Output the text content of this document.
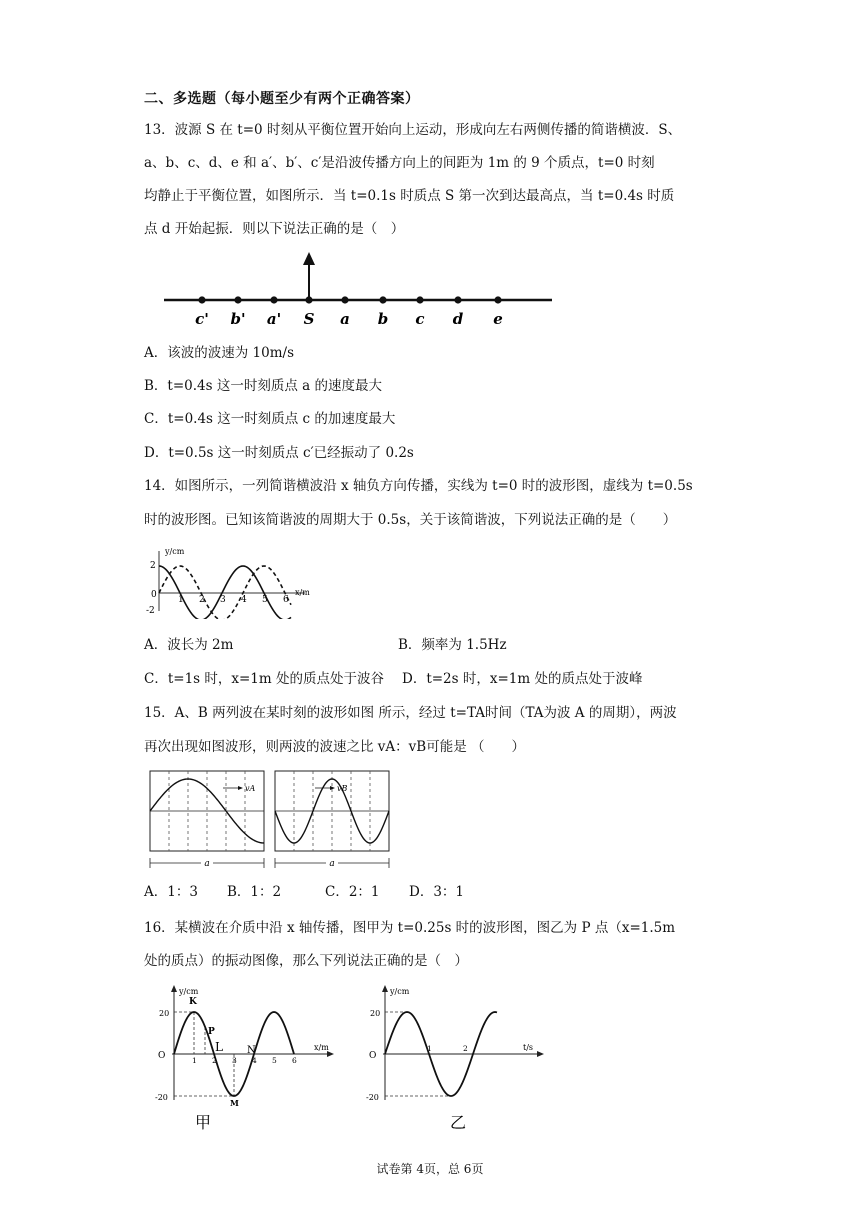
二、多选题（每小题至少有两个正确答案）
13．波源 S 在 t=0 时刻从平衡位置开始向上运动，形成向左右两侧传播的简谐横波．S、
a、b、c、d、e 和 a′、b′、c′是沿波传播方向上的间距为 1m 的 9 个质点，t=0 时刻
均静止于平衡位置，如图所示．当 t=0.1s 时质点 S 第一次到达最高点，当 t=0.4s 时质
点 d 开始起振．则以下说法正确的是（　）
c' b' a' S a b c d e
A．该波的波速为 10m/s
B．t=0.4s 这一时刻质点 a 的速度最大
C．t=0.4s 这一时刻质点 c 的加速度最大
D．t=0.5s 这一时刻质点 c′已经振动了 0.2s
14．如图所示，一列简谐横波沿 x 轴负方向传播，实线为 t=0 时的波形图，虚线为 t=0.5s
时的波形图。已知该简谐波的周期大于 0.5s，关于该简谐波，下列说法正确的是（　　）
y/cm
x/m
2
0
-2
1 2 3 4 5 6
A．波长为 2m	B．频率为 1.5Hz
C．t=1s 时，x=1m 处的质点处于波谷 D．t=2s 时，x=1m 处的质点处于波峰
15．A、B 两列波在某时刻的波形如图 所示，经过 t=TA时间（TA为波 A 的周期），两波
再次出现如图波形，则两波的波速之比 vA：vB可能是 （　　）
vA	vB
a	a
A．1：3 B．1：2	C．2：1 D．3：1
16．某横波在介质中沿 x 轴传播，图甲为 t=0.25s 时的波形图，图乙为 P 点（x=1.5m
处的质点）的振动图像，那么下列说法正确的是（　）
y/cm
x/m
20
-20
O	1 2 3 4 5 6
K
P
L N
M
甲
y/cm
t/s
20
-20
O
1	2
乙
试卷第 4页，总 6页
